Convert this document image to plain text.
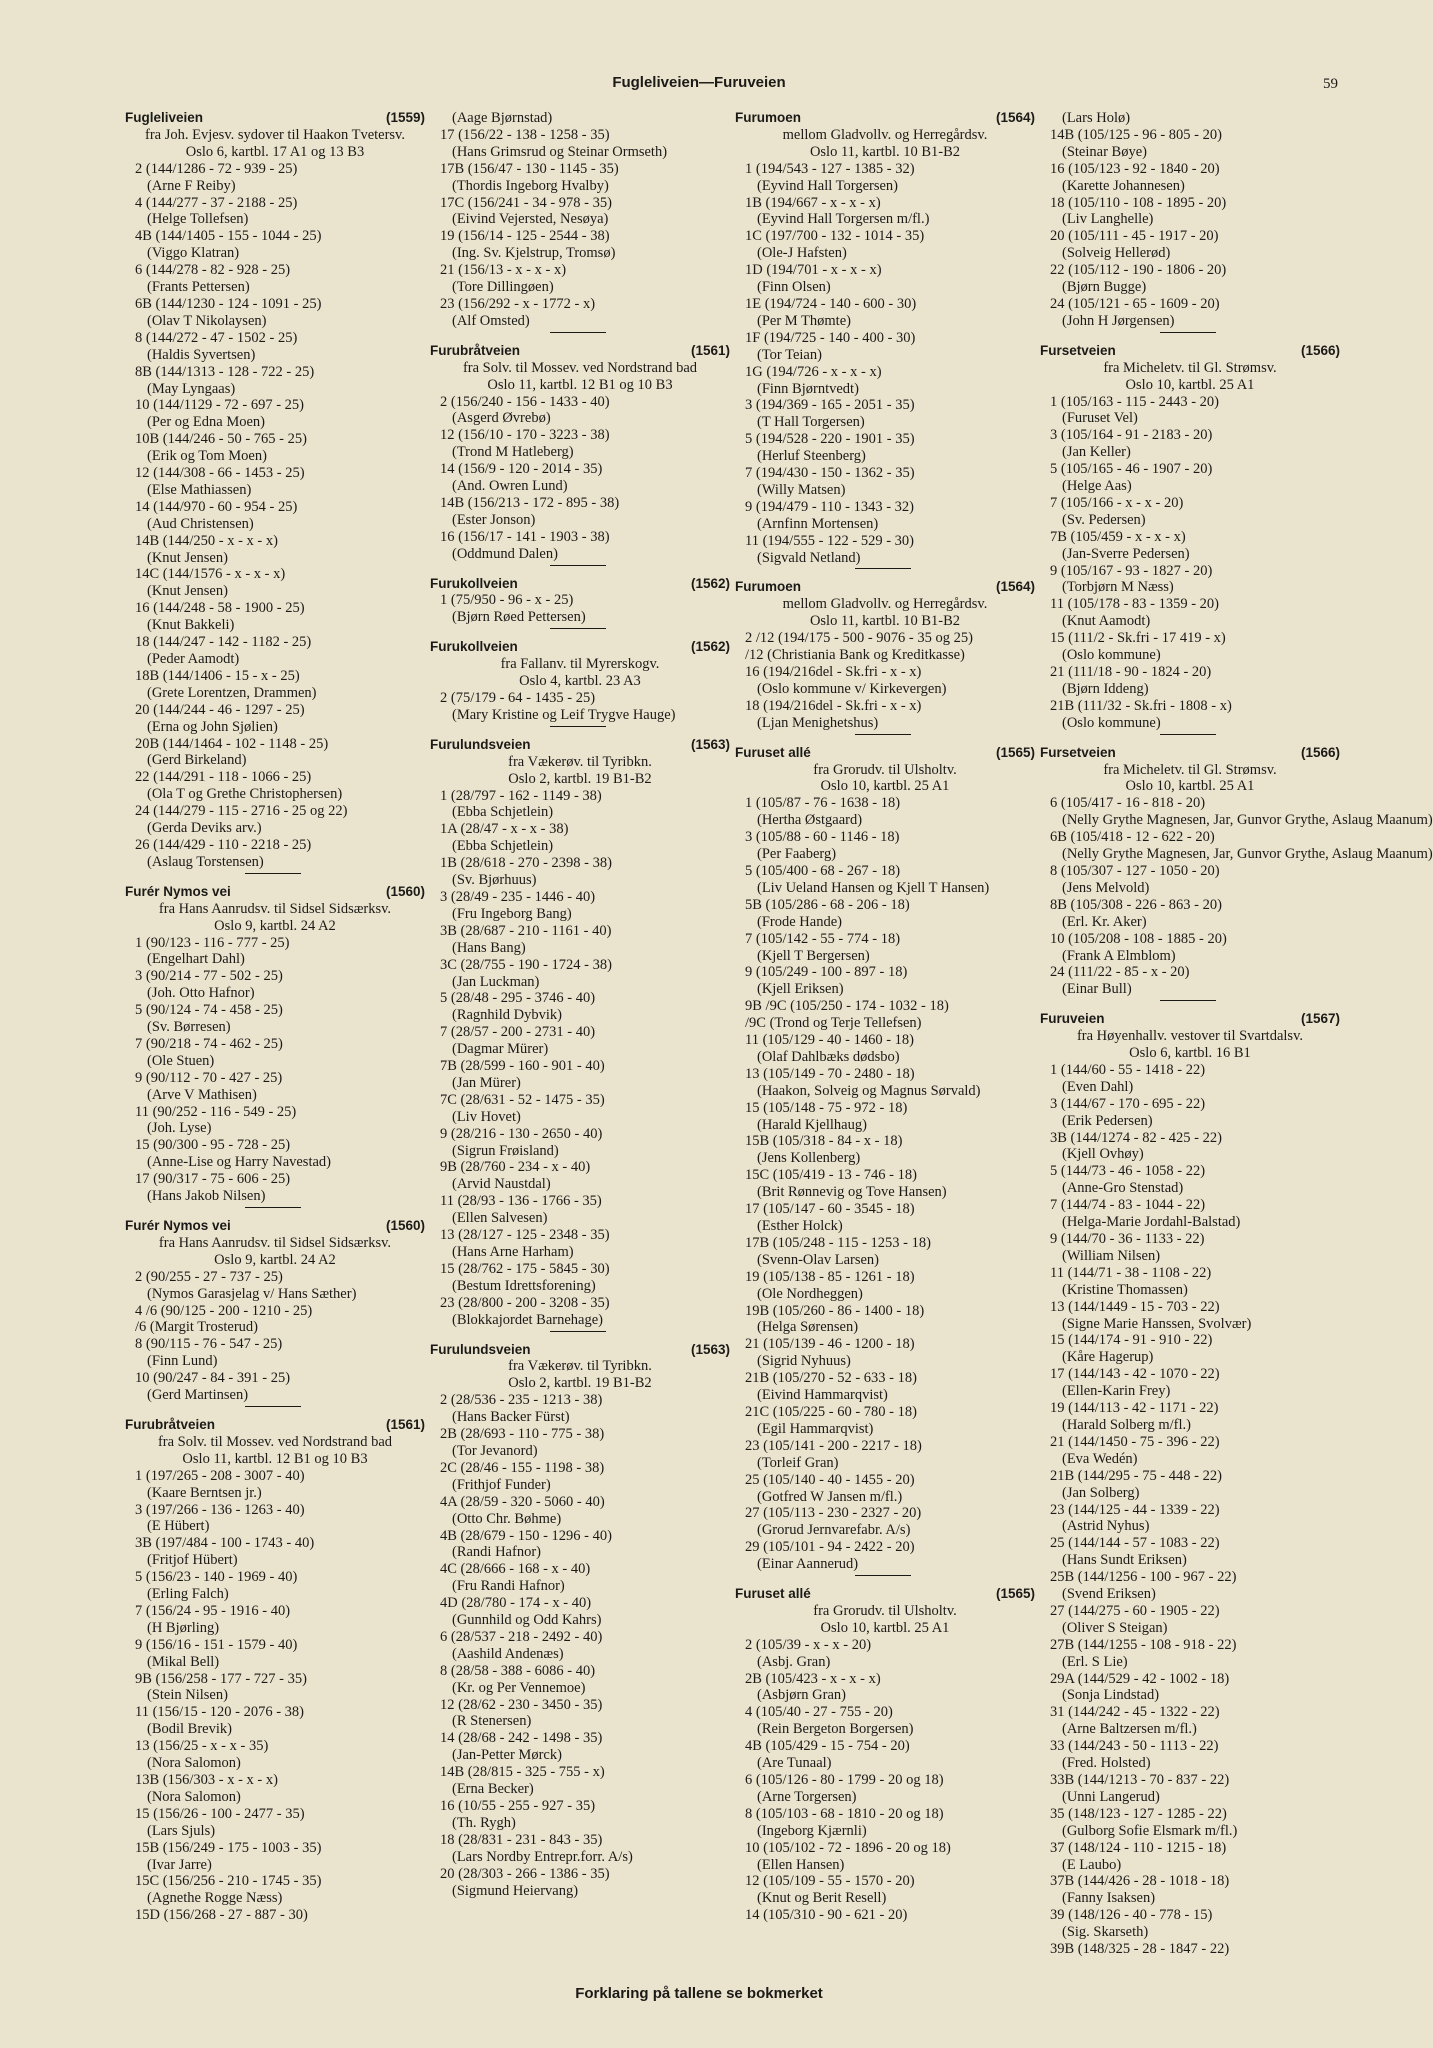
Fugleliveien—Furuveien	59
Fugleliveien	(1559)
fra Joh. Evjesv. sydover til Haakon Tvetersv.
Oslo 6, kartbl. 17 A1 og 13 B3
2 (144/1286 - 72 - 939 - 25)
(Arne F Reiby)
4 (144/277 - 37 - 2188 - 25)
(Helge Tollefsen)
4B (144/1405 - 155 - 1044 - 25)
(Viggo Klatran)
6 (144/278 - 82 - 928 - 25)
(Frants Pettersen)
6B (144/1230 - 124 - 1091 - 25)
(Olav T Nikolaysen)
8 (144/272 - 47 - 1502 - 25)
(Haldis Syvertsen)
8B (144/1313 - 128 - 722 - 25)
(May Lyngaas)
10 (144/1129 - 72 - 697 - 25)
(Per og Edna Moen)
10B (144/246 - 50 - 765 - 25)
(Erik og Tom Moen)
12 (144/308 - 66 - 1453 - 25)
(Else Mathiassen)
14 (144/970 - 60 - 954 - 25)
(Aud Christensen)
14B (144/250 - x - x - x)
(Knut Jensen)
14C (144/1576 - x - x - x)
(Knut Jensen)
16 (144/248 - 58 - 1900 - 25)
(Knut Bakkeli)
18 (144/247 - 142 - 1182 - 25)
(Peder Aamodt)
18B (144/1406 - 15 - x - 25)
(Grete Lorentzen, Drammen)
20 (144/244 - 46 - 1297 - 25)
(Erna og John Sjølien)
20B (144/1464 - 102 - 1148 - 25)
(Gerd Birkeland)
22 (144/291 - 118 - 1066 - 25)
(Ola T og Grethe Christophersen)
24 (144/279 - 115 - 2716 - 25 og 22)
(Gerda Deviks arv.)
26 (144/429 - 110 - 2218 - 25)
(Aslaug Torstensen)
Furér Nymos vei	(1560)
fra Hans Aanrudsv. til Sidsel Sidsærksv.
Oslo 9, kartbl. 24 A2
1 (90/123 - 116 - 777 - 25)
(Engelhart Dahl)
3 (90/214 - 77 - 502 - 25)
(Joh. Otto Hafnor)
5 (90/124 - 74 - 458 - 25)
(Sv. Børresen)
7 (90/218 - 74 - 462 - 25)
(Ole Stuen)
9 (90/112 - 70 - 427 - 25)
(Arve V Mathisen)
11 (90/252 - 116 - 549 - 25)
(Joh. Lyse)
15 (90/300 - 95 - 728 - 25)
(Anne-Lise og Harry Navestad)
17 (90/317 - 75 - 606 - 25)
(Hans Jakob Nilsen)
Furér Nymos vei	(1560)
fra Hans Aanrudsv. til Sidsel Sidsærksv.
Oslo 9, kartbl. 24 A2
2 (90/255 - 27 - 737 - 25)
(Nymos Garasjelag v/ Hans Sæther)
4 /6 (90/125 - 200 - 1210 - 25)
/6 (Margit Trosterud)
8 (90/115 - 76 - 547 - 25)
(Finn Lund)
10 (90/247 - 84 - 391 - 25)
(Gerd Martinsen)
Furubråtveien	(1561)
fra Solv. til Mossev. ved Nordstrand bad
Oslo 11, kartbl. 12 B1 og 10 B3
1 (197/265 - 208 - 3007 - 40)
(Kaare Berntsen jr.)
3 (197/266 - 136 - 1263 - 40)
(E Hübert)
3B (197/484 - 100 - 1743 - 40)
(Fritjof Hübert)
5 (156/23 - 140 - 1969 - 40)
(Erling Falch)
7 (156/24 - 95 - 1916 - 40)
(H Bjørling)
9 (156/16 - 151 - 1579 - 40)
(Mikal Bell)
9B (156/258 - 177 - 727 - 35)
(Stein Nilsen)
11 (156/15 - 120 - 2076 - 38)
(Bodil Brevik)
13 (156/25 - x - x - 35)
(Nora Salomon)
13B (156/303 - x - x - x)
(Nora Salomon)
15 (156/26 - 100 - 2477 - 35)
(Lars Sjuls)
15B (156/249 - 175 - 1003 - 35)
(Ivar Jarre)
15C (156/256 - 210 - 1745 - 35)
(Agnethe Rogge Næss)
15D (156/268 - 27 - 887 - 30)
(Aage Bjørnstad)
17 (156/22 - 138 - 1258 - 35)
(Hans Grimsrud og Steinar Ormseth)
17B (156/47 - 130 - 1145 - 35)
(Thordis Ingeborg Hvalby)
17C (156/241 - 34 - 978 - 35)
(Eivind Vejersted, Nesøya)
19 (156/14 - 125 - 2544 - 38)
(Ing. Sv. Kjelstrup, Tromsø)
21 (156/13 - x - x - x)
(Tore Dillingøen)
23 (156/292 - x - 1772 - x)
(Alf Omsted)
Furubråtveien	(1561)
fra Solv. til Mossev. ved Nordstrand bad
Oslo 11, kartbl. 12 B1 og 10 B3
2 (156/240 - 156 - 1433 - 40)
(Asgerd Øvrebø)
12 (156/10 - 170 - 3223 - 38)
(Trond M Hatleberg)
14 (156/9 - 120 - 2014 - 35)
(And. Owren Lund)
14B (156/213 - 172 - 895 - 38)
(Ester Jonson)
16 (156/17 - 141 - 1903 - 38)
(Oddmund Dalen)
Furukollveien	(1562)
1 (75/950 - 96 - x - 25)
(Bjørn Røed Pettersen)
Furukollveien	(1562)
fra Fallanv. til Myrerskogv.
Oslo 4, kartbl. 23 A3
2 (75/179 - 64 - 1435 - 25)
(Mary Kristine og Leif Trygve Hauge)
Furulundsveien	(1563)
fra Vækerøv. til Tyribkn.
Oslo 2, kartbl. 19 B1-B2
1 (28/797 - 162 - 1149 - 38)
(Ebba Schjetlein)
1A (28/47 - x - x - 38)
(Ebba Schjetlein)
1B (28/618 - 270 - 2398 - 38)
(Sv. Bjørhuus)
3 (28/49 - 235 - 1446 - 40)
(Fru Ingeborg Bang)
3B (28/687 - 210 - 1161 - 40)
(Hans Bang)
3C (28/755 - 190 - 1724 - 38)
(Jan Luckman)
5 (28/48 - 295 - 3746 - 40)
(Ragnhild Dybvik)
7 (28/57 - 200 - 2731 - 40)
(Dagmar Mürer)
7B (28/599 - 160 - 901 - 40)
(Jan Mürer)
7C (28/631 - 52 - 1475 - 35)
(Liv Hovet)
9 (28/216 - 130 - 2650 - 40)
(Sigrun Frøisland)
9B (28/760 - 234 - x - 40)
(Arvid Naustdal)
11 (28/93 - 136 - 1766 - 35)
(Ellen Salvesen)
13 (28/127 - 125 - 2348 - 35)
(Hans Arne Harham)
15 (28/762 - 175 - 5845 - 30)
(Bestum Idrettsforening)
23 (28/800 - 200 - 3208 - 35)
(Blokkajordet Barnehage)
Furulundsveien	(1563)
fra Vækerøv. til Tyribkn.
Oslo 2, kartbl. 19 B1-B2
2 (28/536 - 235 - 1213 - 38)
(Hans Backer Fürst)
2B (28/693 - 110 - 775 - 38)
(Tor Jevanord)
2C (28/46 - 155 - 1198 - 38)
(Frithjof Funder)
4A (28/59 - 320 - 5060 - 40)
(Otto Chr. Bøhme)
4B (28/679 - 150 - 1296 - 40)
(Randi Hafnor)
4C (28/666 - 168 - x - 40)
(Fru Randi Hafnor)
4D (28/780 - 174 - x - 40)
(Gunnhild og Odd Kahrs)
6 (28/537 - 218 - 2492 - 40)
(Aashild Andenæs)
8 (28/58 - 388 - 6086 - 40)
(Kr. og Per Vennemoe)
12 (28/62 - 230 - 3450 - 35)
(R Stenersen)
14 (28/68 - 242 - 1498 - 35)
(Jan-Petter Mørck)
14B (28/815 - 325 - 755 - x)
(Erna Becker)
16 (10/55 - 255 - 927 - 35)
(Th. Rygh)
18 (28/831 - 231 - 843 - 35)
(Lars Nordby Entrepr.forr. A/s)
20 (28/303 - 266 - 1386 - 35)
(Sigmund Heiervang)
Furumoen	(1564)
mellom Gladvollv. og Herregårdsv.
Oslo 11, kartbl. 10 B1-B2
1 (194/543 - 127 - 1385 - 32)
(Eyvind Hall Torgersen)
1B (194/667 - x - x - x)
(Eyvind Hall Torgersen m/fl.)
1C (197/700 - 132 - 1014 - 35)
(Ole-J Hafsten)
1D (194/701 - x - x - x)
(Finn Olsen)
1E (194/724 - 140 - 600 - 30)
(Per M Thømte)
1F (194/725 - 140 - 400 - 30)
(Tor Teian)
1G (194/726 - x - x - x)
(Finn Bjørntvedt)
3 (194/369 - 165 - 2051 - 35)
(T Hall Torgersen)
5 (194/528 - 220 - 1901 - 35)
(Herluf Steenberg)
7 (194/430 - 150 - 1362 - 35)
(Willy Matsen)
9 (194/479 - 110 - 1343 - 32)
(Arnfinn Mortensen)
11 (194/555 - 122 - 529 - 30)
(Sigvald Netland)
Furumoen	(1564)
mellom Gladvollv. og Herregårdsv.
Oslo 11, kartbl. 10 B1-B2
2 /12 (194/175 - 500 - 9076 - 35 og 25)
/12 (Christiania Bank og Kreditkasse)
16 (194/216del - Sk.fri - x - x)
(Oslo kommune v/ Kirkevergen)
18 (194/216del - Sk.fri - x - x)
(Ljan Menighetshus)
Furuset allé	(1565)
fra Grorudv. til Ulsholtv.
Oslo 10, kartbl. 25 A1
1 (105/87 - 76 - 1638 - 18)
(Hertha Østgaard)
3 (105/88 - 60 - 1146 - 18)
(Per Faaberg)
5 (105/400 - 68 - 267 - 18)
(Liv Ueland Hansen og Kjell T Hansen)
5B (105/286 - 68 - 206 - 18)
(Frode Hande)
7 (105/142 - 55 - 774 - 18)
(Kjell T Bergersen)
9 (105/249 - 100 - 897 - 18)
(Kjell Eriksen)
9B /9C (105/250 - 174 - 1032 - 18)
/9C (Trond og Terje Tellefsen)
11 (105/129 - 40 - 1460 - 18)
(Olaf Dahlbæks dødsbo)
13 (105/149 - 70 - 2480 - 18)
(Haakon, Solveig og Magnus Sørvald)
15 (105/148 - 75 - 972 - 18)
(Harald Kjellhaug)
15B (105/318 - 84 - x - 18)
(Jens Kollenberg)
15C (105/419 - 13 - 746 - 18)
(Brit Rønnevig og Tove Hansen)
17 (105/147 - 60 - 3545 - 18)
(Esther Holck)
17B (105/248 - 115 - 1253 - 18)
(Svenn-Olav Larsen)
19 (105/138 - 85 - 1261 - 18)
(Ole Nordheggen)
19B (105/260 - 86 - 1400 - 18)
(Helga Sørensen)
21 (105/139 - 46 - 1200 - 18)
(Sigrid Nyhuus)
21B (105/270 - 52 - 633 - 18)
(Eivind Hammarqvist)
21C (105/225 - 60 - 780 - 18)
(Egil Hammarqvist)
23 (105/141 - 200 - 2217 - 18)
(Torleif Gran)
25 (105/140 - 40 - 1455 - 20)
(Gotfred W Jansen m/fl.)
27 (105/113 - 230 - 2327 - 20)
(Grorud Jernvarefabr. A/s)
29 (105/101 - 94 - 2422 - 20)
(Einar Aannerud)
Furuset allé	(1565)
fra Grorudv. til Ulsholtv.
Oslo 10, kartbl. 25 A1
2 (105/39 - x - x - 20)
(Asbj. Gran)
2B (105/423 - x - x - x)
(Asbjørn Gran)
4 (105/40 - 27 - 755 - 20)
(Rein Bergeton Borgersen)
4B (105/429 - 15 - 754 - 20)
(Are Tunaal)
6 (105/126 - 80 - 1799 - 20 og 18)
(Arne Torgersen)
8 (105/103 - 68 - 1810 - 20 og 18)
(Ingeborg Kjærnli)
10 (105/102 - 72 - 1896 - 20 og 18)
(Ellen Hansen)
12 (105/109 - 55 - 1570 - 20)
(Knut og Berit Resell)
14 (105/310 - 90 - 621 - 20)
(Lars Holø)
14B (105/125 - 96 - 805 - 20)
(Steinar Bøye)
16 (105/123 - 92 - 1840 - 20)
(Karette Johannesen)
18 (105/110 - 108 - 1895 - 20)
(Liv Langhelle)
20 (105/111 - 45 - 1917 - 20)
(Solveig Hellerød)
22 (105/112 - 190 - 1806 - 20)
(Bjørn Bugge)
24 (105/121 - 65 - 1609 - 20)
(John H Jørgensen)
Fursetveien	(1566)
fra Micheletv. til Gl. Strømsv.
Oslo 10, kartbl. 25 A1
1 (105/163 - 115 - 2443 - 20)
(Furuset Vel)
3 (105/164 - 91 - 2183 - 20)
(Jan Keller)
5 (105/165 - 46 - 1907 - 20)
(Helge Aas)
7 (105/166 - x - x - 20)
(Sv. Pedersen)
7B (105/459 - x - x - x)
(Jan-Sverre Pedersen)
9 (105/167 - 93 - 1827 - 20)
(Torbjørn M Næss)
11 (105/178 - 83 - 1359 - 20)
(Knut Aamodt)
15 (111/2 - Sk.fri - 17 419 - x)
(Oslo kommune)
21 (111/18 - 90 - 1824 - 20)
(Bjørn Iddeng)
21B (111/32 - Sk.fri - 1808 - x)
(Oslo kommune)
Fursetveien	(1566)
fra Micheletv. til Gl. Strømsv.
Oslo 10, kartbl. 25 A1
6 (105/417 - 16 - 818 - 20)
(Nelly Grythe Magnesen, Jar, Gunvor Grythe, Aslaug Maanum)
6B (105/418 - 12 - 622 - 20)
(Nelly Grythe Magnesen, Jar, Gunvor Grythe, Aslaug Maanum)
8 (105/307 - 127 - 1050 - 20)
(Jens Melvold)
8B (105/308 - 226 - 863 - 20)
(Erl. Kr. Aker)
10 (105/208 - 108 - 1885 - 20)
(Frank A Elmblom)
24 (111/22 - 85 - x - 20)
(Einar Bull)
Furuveien	(1567)
fra Høyenhallv. vestover til Svartdalsv.
Oslo 6, kartbl. 16 B1
1 (144/60 - 55 - 1418 - 22)
(Even Dahl)
3 (144/67 - 170 - 695 - 22)
(Erik Pedersen)
3B (144/1274 - 82 - 425 - 22)
(Kjell Ovhøy)
5 (144/73 - 46 - 1058 - 22)
(Anne-Gro Stenstad)
7 (144/74 - 83 - 1044 - 22)
(Helga-Marie Jordahl-Balstad)
9 (144/70 - 36 - 1133 - 22)
(William Nilsen)
11 (144/71 - 38 - 1108 - 22)
(Kristine Thomassen)
13 (144/1449 - 15 - 703 - 22)
(Signe Marie Hanssen, Svolvær)
15 (144/174 - 91 - 910 - 22)
(Kåre Hagerup)
17 (144/143 - 42 - 1070 - 22)
(Ellen-Karin Frey)
19 (144/113 - 42 - 1171 - 22)
(Harald Solberg m/fl.)
21 (144/1450 - 75 - 396 - 22)
(Eva Wedén)
21B (144/295 - 75 - 448 - 22)
(Jan Solberg)
23 (144/125 - 44 - 1339 - 22)
(Astrid Nyhus)
25 (144/144 - 57 - 1083 - 22)
(Hans Sundt Eriksen)
25B (144/1256 - 100 - 967 - 22)
(Svend Eriksen)
27 (144/275 - 60 - 1905 - 22)
(Oliver S Steigan)
27B (144/1255 - 108 - 918 - 22)
(Erl. S Lie)
29A (144/529 - 42 - 1002 - 18)
(Sonja Lindstad)
31 (144/242 - 45 - 1322 - 22)
(Arne Baltzersen m/fl.)
33 (144/243 - 50 - 1113 - 22)
(Fred. Holsted)
33B (144/1213 - 70 - 837 - 22)
(Unni Langerud)
35 (148/123 - 127 - 1285 - 22)
(Gulborg Sofie Elsmark m/fl.)
37 (148/124 - 110 - 1215 - 18)
(E Laubo)
37B (144/426 - 28 - 1018 - 18)
(Fanny Isaksen)
39 (148/126 - 40 - 778 - 15)
(Sig. Skarseth)
39B (148/325 - 28 - 1847 - 22)
Forklaring på tallene se bokmerket
